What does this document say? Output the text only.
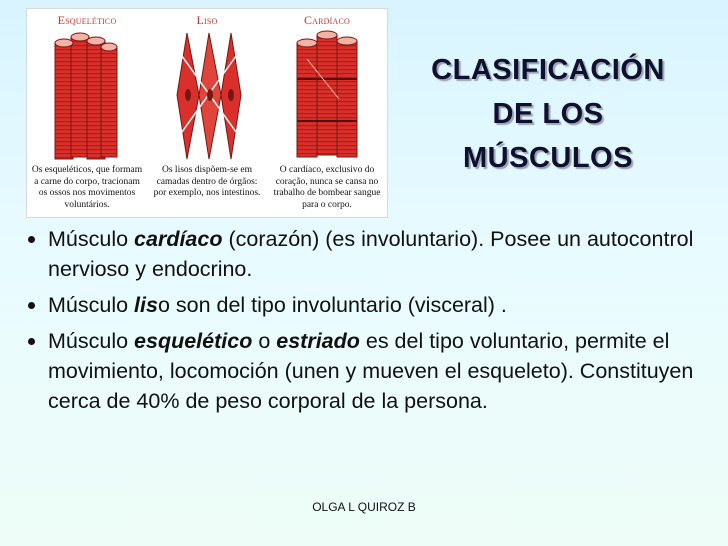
Esquelético
Os esqueléticos, que formam a carne do corpo, tracionam os ossos nos movimentos voluntários.
Liso
Os lisos dispõem-se em camadas dentro de órgãos: por exemplo, nos intestinos.
Cardíaco
O cardíaco, exclusivo do coração, nunca se cansa no trabalho de bombear sangue para o corpo.
CLASIFICACIÓN
DE LOS
MÚSCULOS
Músculo cardíaco (corazón) (es involuntario). Posee un autocontrol nervioso y endocrino.
Músculo liso son del tipo involuntario (visceral) .
Músculo esquelético o estriado es del tipo voluntario, permite el movimiento, locomoción (unen y mueven el esqueleto). Constituyen cerca de 40% de peso corporal de la persona.
OLGA L QUIROZ B
